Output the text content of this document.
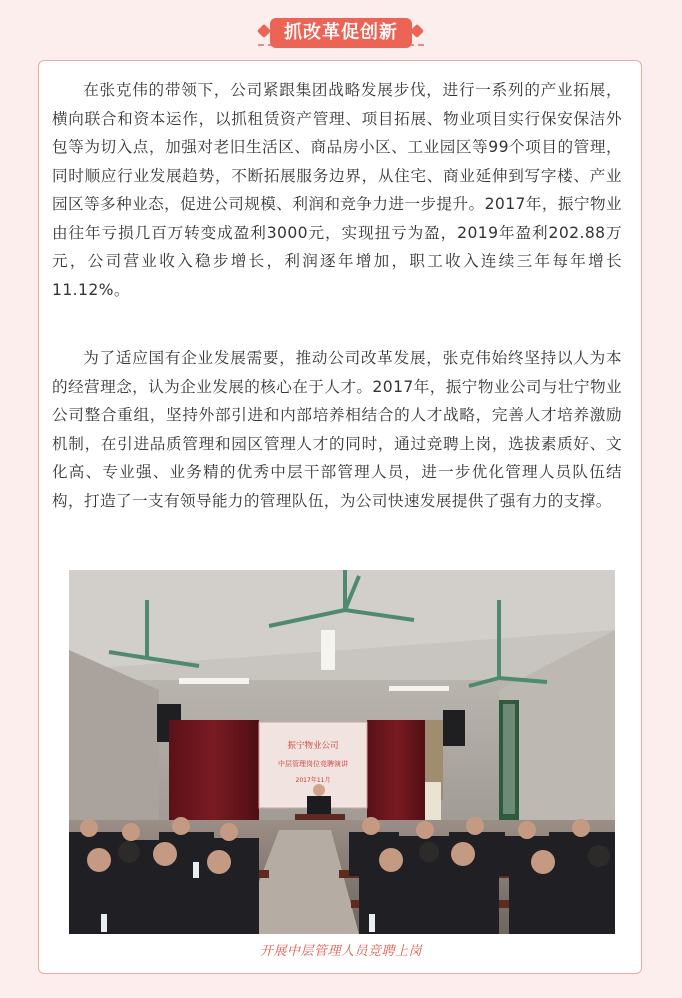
抓改革促创新

在张克伟的带领下，公司紧跟集团战略发展步伐，进行一系列的产业拓展，横向联合和资本运作，以抓租赁资产管理、项目拓展、物业项目实行保安保洁外包等为切入点，加强对老旧生活区、商品房小区、工业园区等99个项目的管理，同时顺应行业发展趋势，不断拓展服务边界，从住宅、商业延伸到写字楼、产业园区等多种业态，促进公司规模、利润和竞争力进一步提升。2017年，振宁物业由往年亏损几百万转变成盈利3000元，实现扭亏为盈，2019年盈利202.88万元，公司营业收入稳步增长，利润逐年增加，职工收入连续三年每年增长11.12%。

为了适应国有企业发展需要，推动公司改革发展，张克伟始终坚持以人为本的经营理念，认为企业发展的核心在于人才。2017年，振宁物业公司与壮宁物业公司整合重组，坚持外部引进和内部培养相结合的人才战略，完善人才培养激励机制，在引进品质管理和园区管理人才的同时，通过竞聘上岗，选拔素质好、文化高、专业强、业务精的优秀中层干部管理人员，进一步优化管理人员队伍结构，打造了一支有领导能力的管理队伍，为公司快速发展提供了强有力的支撑。

振宁物业公司
中层管理岗位竞聘演讲
2017年11月
开展中层管理人员竞聘上岗
